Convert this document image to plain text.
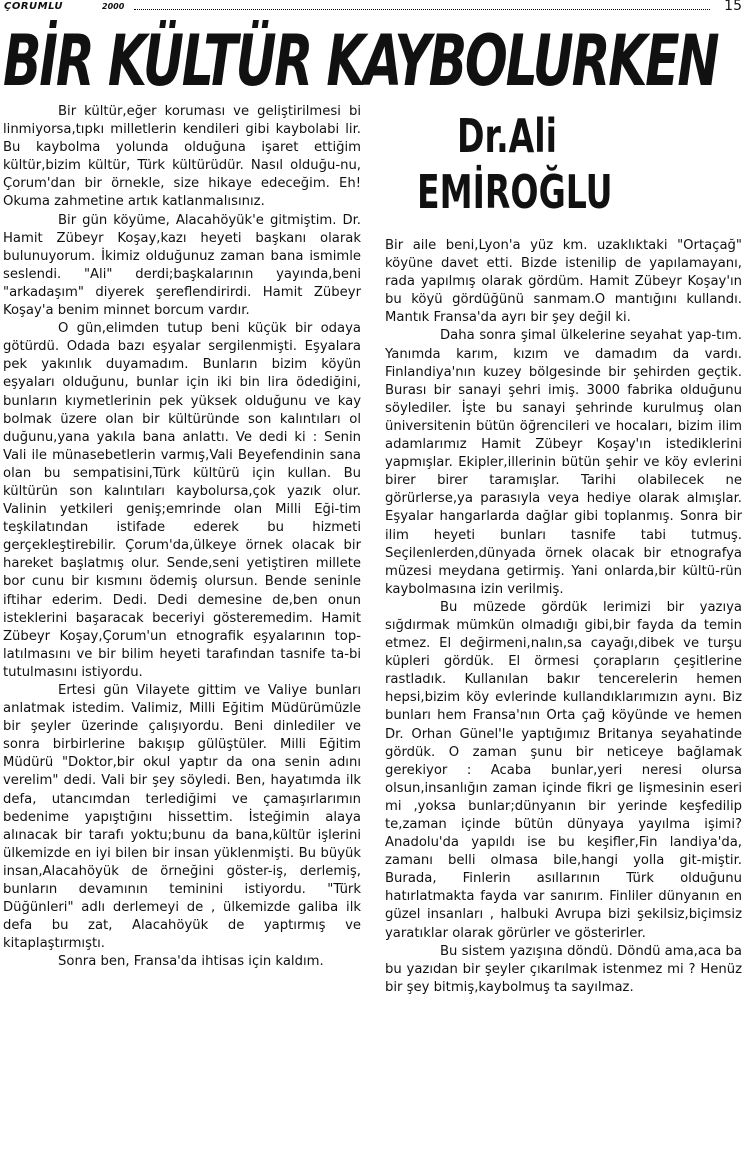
ÇORUMLU	2000	15
BİR KÜLTÜR KAYBOLURKEN
Dr.Ali
EMİROĞLU

Bir kültür,eğer koruması ve geliştirilmesi bi linmiyorsa,tıpkı milletlerin kendileri gibi kaybolabi lir. Bu kaybolma yolunda olduğuna işaret ettiğim kültür,bizim kültür, Türk kültürüdür. Nasıl olduğu-nu, Çorum'dan bir örnekle, size hikaye edeceğim. Eh! Okuma zahmetine artık katlanmalısınız.

Bir gün köyüme, Alacahöyük'e gitmiştim. Dr. Hamit Zübeyr Koşay,kazı heyeti başkanı olarak bulunuyorum. İkimiz olduğunuz zaman bana ismimle seslendi. "Ali" derdi;başkalarının yayında,beni "arkadaşım" diyerek şereflendirirdi. Hamit Zübeyr Koşay'a benim minnet borcum vardır.

O gün,elimden tutup beni küçük bir odaya götürdü. Odada bazı eşyalar sergilenmişti. Eşyalara pek yakınlık duyamadım. Bunların bizim köyün eşyaları olduğunu, bunlar için iki bin lira ödediğini, bunların kıymetlerinin pek yüksek olduğunu ve kay bolmak üzere olan bir kültüründe son kalıntıları ol duğunu,yana yakıla bana anlattı. Ve dedi ki : Senin Vali ile münasebetlerin varmış,Vali Beyefendinin sana olan bu sempatisini,Türk kültürü için kullan. Bu kültürün son kalıntıları kaybolursa,çok yazık olur. Valinin yetkileri geniş;emrinde olan Milli Eği-tim teşkilatından istifade ederek bu hizmeti gerçekleştirebilir. Çorum'da,ülkeye örnek olacak bir hareket başlatmış olur. Sende,seni yetiştiren millete bor cunu bir kısmını ödemiş olursun. Bende seninle iftihar ederim. Dedi. Dedi demesine de,ben onun isteklerini başaracak beceriyi gösteremedim. Hamit Zübeyr Koşay,Çorum'un etnografik eşyalarının top-latılmasını ve bir bilim heyeti tarafından tasnife ta-bi tutulmasını istiyordu.

Ertesi gün Vilayete gittim ve Valiye bunları anlatmak istedim. Valimiz, Milli Eğitim Müdürümüzle bir şeyler üzerinde çalışıyordu. Beni dinlediler ve sonra birbirlerine bakışıp gülüştüler. Milli Eğitim Müdürü "Doktor,bir okul yaptır da ona senin adını verelim" dedi. Vali bir şey söyledi. Ben, hayatımda ilk defa, utancımdan terlediğimi ve çamaşırlarımın bedenime yapıştığını hissettim. İsteğimin alaya alınacak bir tarafı yoktu;bunu da bana,kültür işlerini ülkemizde en iyi bilen bir insan yüklenmişti. Bu büyük insan,Alacahöyük de örneğini göster-iş, derlemiş, bunların devamının teminini istiyordu. "Türk Düğünleri" adlı derlemeyi de , ülkemizde galiba ilk defa bu zat, Alacahöyük de yaptırmış ve kitaplaştırmıştı.

Sonra ben, Fransa'da ihtisas için kaldım.

Bir aile beni,Lyon'a yüz km. uzaklıktaki "Ortaçağ" köyüne davet etti. Bizde istenilip de yapılamayanı, rada yapılmış olarak gördüm. Hamit Zübeyr Koşay'ın bu köyü gördüğünü sanmam.O mantığını kullandı. Mantık Fransa'da ayrı bir şey değil ki.

Daha sonra şimal ülkelerine seyahat yap-tım. Yanımda karım, kızım ve damadım da vardı. Finlandiya'nın kuzey bölgesinde bir şehirden geçtik. Burası bir sanayi şehri imiş. 3000 fabrika olduğunu söylediler. İşte bu sanayi şehrinde kurulmuş olan üniversitenin bütün öğrencileri ve hocaları, bizim ilim adamlarımız Hamit Zübeyr Koşay'ın istediklerini yapmışlar. Ekipler,illerinin bütün şehir ve köy evlerini birer birer taramışlar. Tarihi olabilecek ne görürlerse,ya parasıyla veya hediye olarak almışlar. Eşyalar hangarlarda dağlar gibi toplanmış. Sonra bir ilim heyeti bunları tasnife tabi tutmuş. Seçilenlerden,dünyada örnek olacak bir etnografya müzesi meydana getirmiş. Yani onlarda,bir kültü-rün kaybolmasına izin verilmiş.

Bu müzede gördük lerimizi bir yazıya sığdırmak mümkün olmadığı gibi,bir fayda da temin etmez. El değirmeni,nalın,sa cayağı,dibek ve turşu küpleri gördük. El örmesi çorapların çeşitlerine rastladık. Kullanılan bakır tencerelerin hemen hepsi,bizim köy evlerinde kullandıklarımızın aynı. Biz bunları hem Fransa'nın Orta çağ köyünde ve hemen Dr. Orhan Günel'le yaptığımız Britanya seyahatinde gördük. O zaman şunu bir neticeye bağlamak gerekiyor : Acaba bunlar,yeri neresi olursa olsun,insanlığın zaman içinde fikri ge lişmesinin eseri mi ,yoksa bunlar;dünyanın bir yerinde keşfedilip te,zaman içinde bütün dünyaya yayılma işimi? Anadolu'da yapıldı ise bu keşifler,Fin landiya'da, zamanı belli olmasa bile,hangi yolla git-miştir. Burada, Finlerin asıllarının Türk olduğunu hatırlatmakta fayda var sanırım. Finliler dünyanın en güzel insanları , halbuki Avrupa bizi şekilsiz,biçimsiz yaratıklar olarak görürler ve gösterirler.

Bu sistem yazışına döndü. Döndü ama,aca ba bu yazıdan bir şeyler çıkarılmak istenmez mi ? Henüz bir şey bitmiş,kaybolmuş ta sayılmaz.
